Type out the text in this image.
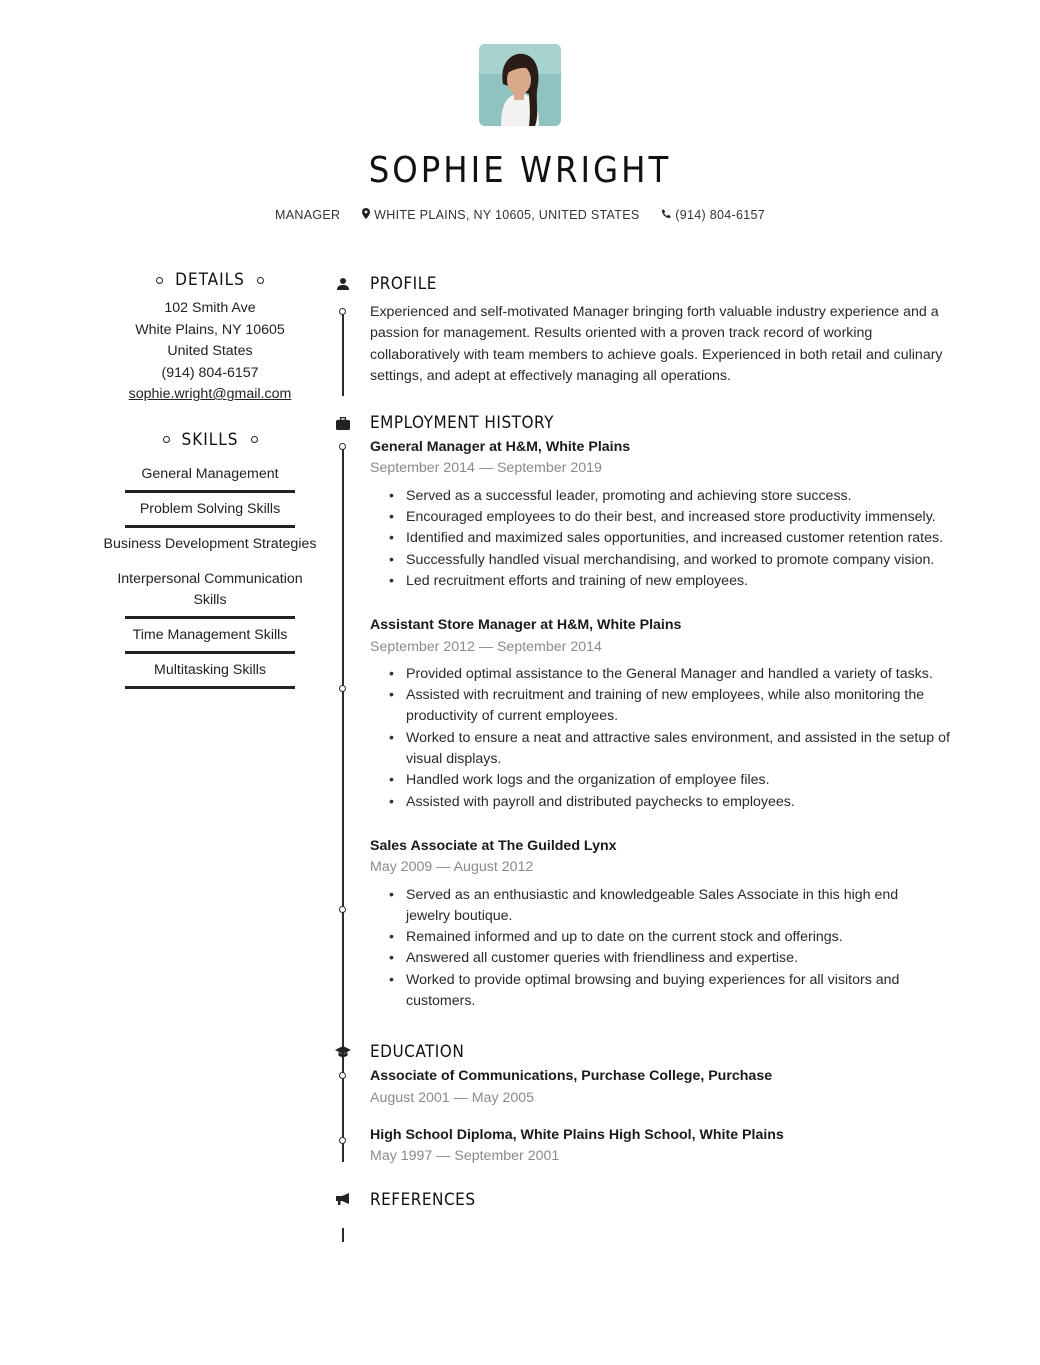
SOPHIE WRIGHT
MANAGER	WHITE PLAINS, NY 10605, UNITED STATES	(914) 804-6157
DETAILS
102 Smith Ave
White Plains, NY 10605
United States
(914) 804-6157
sophie.wright@gmail.com
SKILLS
General Management
Problem Solving Skills
Business Development Strategies
Interpersonal Communication Skills
Time Management Skills
Multitasking Skills
PROFILE
Experienced and self-motivated Manager bringing forth valuable industry experience and a passion for management. Results oriented with a proven track record of working collaboratively with team members to achieve goals. Experienced in both retail and culinary settings, and adept at effectively managing all operations.
EMPLOYMENT HISTORY
General Manager at H&M, White Plains
September 2014 — September 2019
• Served as a successful leader, promoting and achieving store success.
• Encouraged employees to do their best, and increased store productivity immensely.
• Identified and maximized sales opportunities, and increased customer retention rates.
• Successfully handled visual merchandising, and worked to promote company vision.
• Led recruitment efforts and training of new employees.
Assistant Store Manager at H&M, White Plains
September 2012 — September 2014
• Provided optimal assistance to the General Manager and handled a variety of tasks.
• Assisted with recruitment and training of new employees, while also monitoring the productivity of current employees.
• Worked to ensure a neat and attractive sales environment, and assisted in the setup of visual displays.
• Handled work logs and the organization of employee files.
• Assisted with payroll and distributed paychecks to employees.
Sales Associate at The Guilded Lynx
May 2009 — August 2012
• Served as an enthusiastic and knowledgeable Sales Associate in this high end jewelry boutique.
• Remained informed and up to date on the current stock and offerings.
• Answered all customer queries with friendliness and expertise.
• Worked to provide optimal browsing and buying experiences for all visitors and customers.
EDUCATION
Associate of Communications, Purchase College, Purchase
August 2001 — May 2005
High School Diploma, White Plains High School, White Plains
May 1997 — September 2001
REFERENCES
